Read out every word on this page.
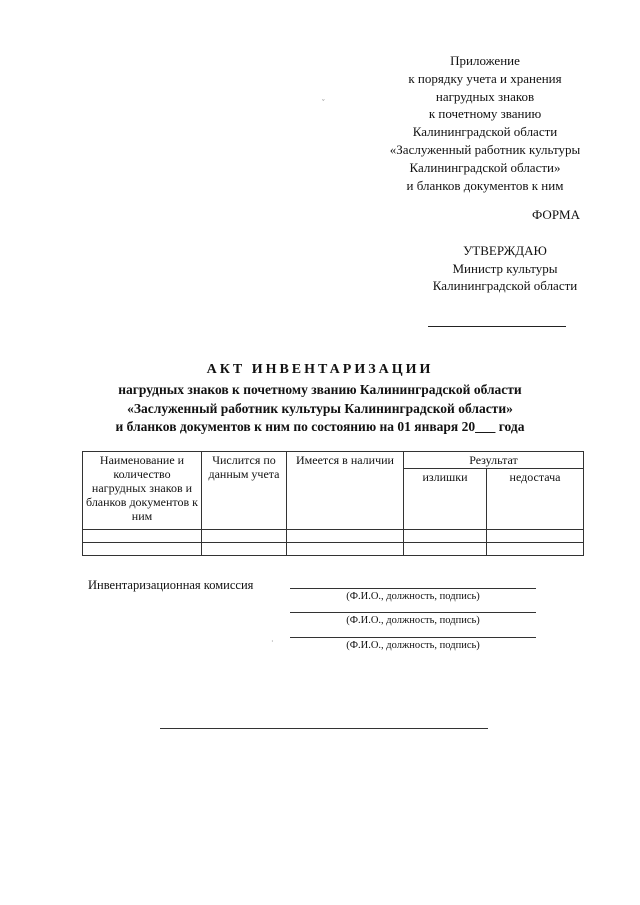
Приложение
к порядку учета и хранения
нагрудных знаков
к почетному званию
Калининградской области
«Заслуженный работник культуры
Калининградской области»
и бланков документов к ним
ˇ
ФОРМА
УТВЕРЖДАЮ
Министр культуры
Калининградской области
АКТ ИНВЕНТАРИЗАЦИИ
нагрудных знаков к почетному званию Калининградской области
«Заслуженный работник культуры Калининградской области»
и бланков документов к ним по состоянию на 01 января 20___ года
Наименование и количество нагрудных знаков и бланков документов к ним	Числится по данным учета	Имеется в наличии	Результат	
			излишки	недостача

Инвентаризационная комиссия
(Ф.И.О., должность, подпись)
(Ф.И.О., должность, подпись)
(Ф.И.О., должность, подпись)
·
